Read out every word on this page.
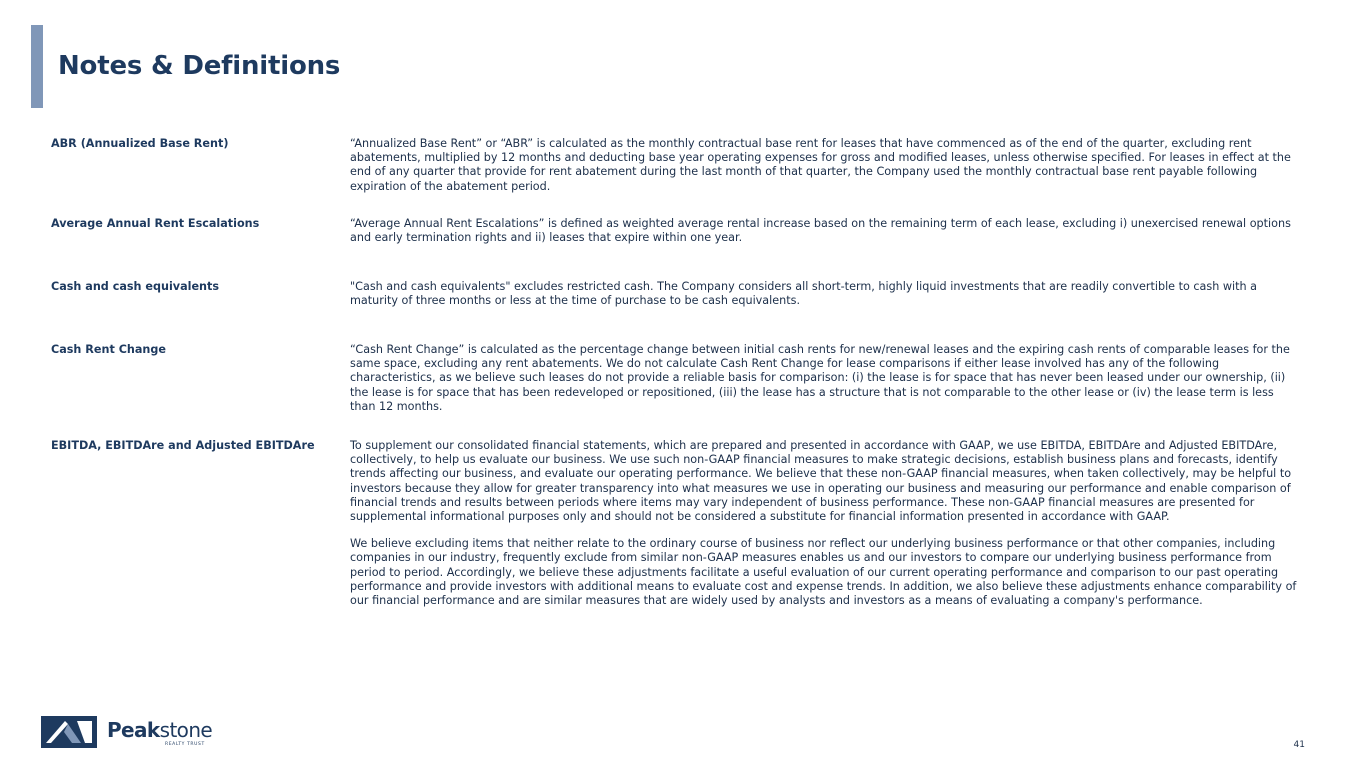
Notes & Definitions
ABR (Annualized Base Rent)	“Annualized Base Rent” or “ABR” is calculated as the monthly contractual base rent for leases that have commenced as of the end of the quarter, excluding rent abatements, multiplied by 12 months and deducting base year operating expenses for gross and modified leases, unless otherwise specified. For leases in effect at the end of any quarter that provide for rent abatement during the last month of that quarter, the Company used the monthly contractual base rent payable following expiration of the abatement period.

Average Annual Rent Escalations	“Average Annual Rent Escalations” is defined as weighted average rental increase based on the remaining term of each lease, excluding i) unexercised renewal options and early termination rights and ii) leases that expire within one year.

Cash and cash equivalents	"Cash and cash equivalents" excludes restricted cash. The Company considers all short-term, highly liquid investments that are readily convertible to cash with a maturity of three months or less at the time of purchase to be cash equivalents.

Cash Rent Change	“Cash Rent Change” is calculated as the percentage change between initial cash rents for new/renewal leases and the expiring cash rents of comparable leases for the same space, excluding any rent abatements. We do not calculate Cash Rent Change for lease comparisons if either lease involved has any of the following characteristics, as we believe such leases do not provide a reliable basis for comparison: (i) the lease is for space that has never been leased under our ownership, (ii) the lease is for space that has been redeveloped or repositioned, (iii) the lease has a structure that is not comparable to the other lease or (iv) the lease term is less than 12 months.

EBITDA, EBITDAre and Adjusted EBITDAre	To supplement our consolidated financial statements, which are prepared and presented in accordance with GAAP, we use EBITDA, EBITDAre and Adjusted EBITDAre, collectively, to help us evaluate our business. We use such non-GAAP financial measures to make strategic decisions, establish business plans and forecasts, identify trends affecting our business, and evaluate our operating performance. We believe that these non-GAAP financial measures, when taken collectively, may be helpful to investors because they allow for greater transparency into what measures we use in operating our business and measuring our performance and enable comparison of financial trends and results between periods where items may vary independent of business performance. These non-GAAP financial measures are presented for supplemental informational purposes only and should not be considered a substitute for financial information presented in accordance with GAAP.

We believe excluding items that neither relate to the ordinary course of business nor reflect our underlying business performance or that other companies, including companies in our industry, frequently exclude from similar non-GAAP measures enables us and our investors to compare our underlying business performance from period to period. Accordingly, we believe these adjustments facilitate a useful evaluation of our current operating performance and comparison to our past operating performance and provide investors with additional means to evaluate cost and expense trends. In addition, we also believe these adjustments enhance comparability of our financial performance and are similar measures that are widely used by analysts and investors as a means of evaluating a company's performance.

Peakstone
REALTY TRUST	41
